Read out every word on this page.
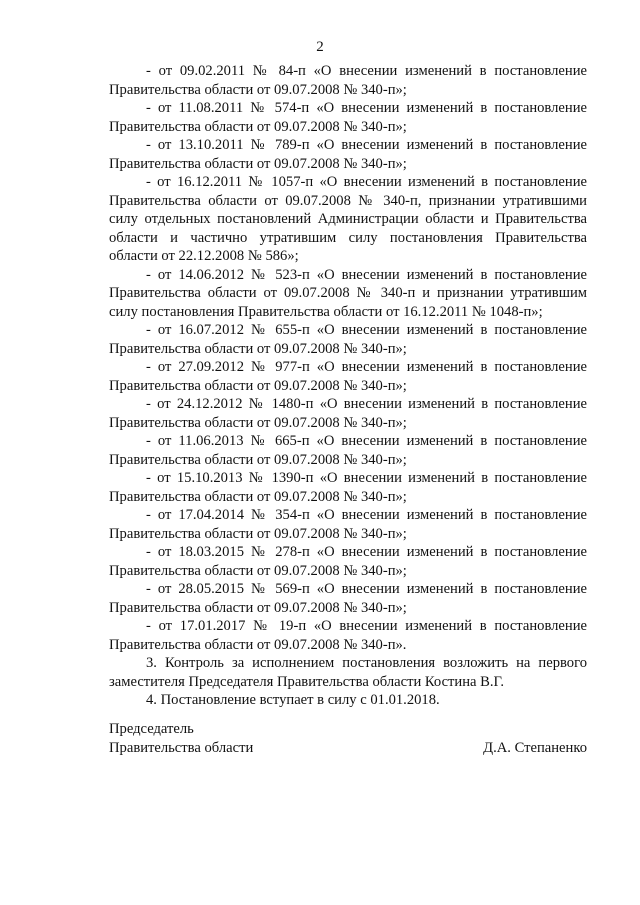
2

- от 09.02.2011 № 84-п «О внесении изменений в постановление Правительства области от 09.07.2008 № 340-п»;

- от 11.08.2011 № 574-п «О внесении изменений в постановление Правительства области от 09.07.2008 № 340-п»;

- от 13.10.2011 № 789-п «О внесении изменений в постановление Правительства области от 09.07.2008 № 340-п»;

- от 16.12.2011 № 1057-п «О внесении изменений в постановление Правительства области от 09.07.2008 № 340-п, признании утратившими силу отдельных постановлений Администрации области и Правительства области и частично утратившим силу постановления Правительства области от 22.12.2008 № 586»;

- от 14.06.2012 № 523-п «О внесении изменений в постановление Правительства области от 09.07.2008 № 340-п и признании утратившим силу постановления Правительства области от 16.12.2011 № 1048-п»;

- от 16.07.2012 № 655-п «О внесении изменений в постановление Правительства области от 09.07.2008 № 340-п»;

- от 27.09.2012 № 977-п «О внесении изменений в постановление Правительства области от 09.07.2008 № 340-п»;

- от 24.12.2012 № 1480-п «О внесении изменений в постановление Правительства области от 09.07.2008 № 340-п»;

- от 11.06.2013 № 665-п «О внесении изменений в постановление Правительства области от 09.07.2008 № 340-п»;

- от 15.10.2013 № 1390-п «О внесении изменений в постановление Правительства области от 09.07.2008 № 340-п»;

- от 17.04.2014 № 354-п «О внесении изменений в постановление Правительства области от 09.07.2008 № 340-п»;

- от 18.03.2015 № 278-п «О внесении изменений в постановление Правительства области от 09.07.2008 № 340-п»;

- от 28.05.2015 № 569-п «О внесении изменений в постановление Правительства области от 09.07.2008 № 340-п»;

- от 17.01.2017 № 19-п «О внесении изменений в постановление Правительства области от 09.07.2008 № 340-п».

3. Контроль за исполнением постановления возложить на первого заместителя Председателя Правительства области Костина В.Г.

4. Постановление вступает в силу с 01.01.2018.

Председатель
Правительства области	Д.А. Степаненко
